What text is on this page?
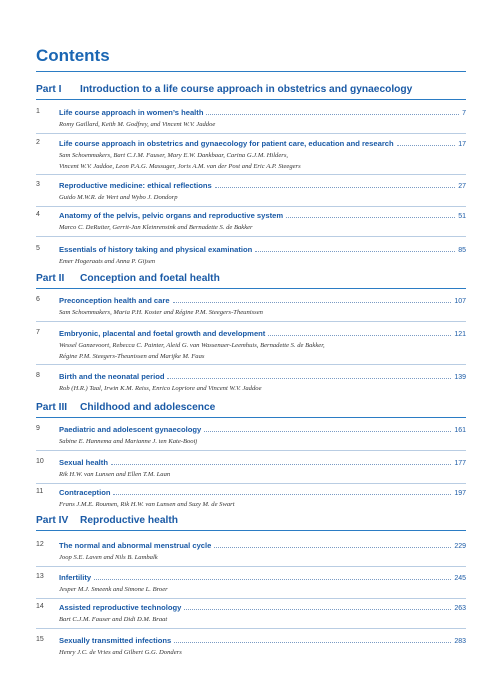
Contents
Part I Introduction to a life course approach in obstetrics and gynaecology
1	Life course approach in women’s health	7
Romy Gaillard, Keith M. Godfrey, and Vincent W.V. Jaddoe
2	Life course approach in obstetrics and gynaecology for patient care, education and research	17
Sam Schoenmakers, Bart C.J.M. Fauser, Mary E.W. Dankbaar, Carina G.J.M. Hilders,
Vincent W.V. Jaddoe, Leon P.A.G. Massuger, Joris A.M. van der Post and Eric A.P. Steegers
3	Reproductive medicine: ethical reflections	27
Guido M.W.R. de Wert and Wybo J. Dondorp
4	Anatomy of the pelvis, pelvic organs and reproductive system	51
Marco C. DeRuiter, Gerrit-Jan Kleinrensink and Bernadette S. de Bakker
5	Essentials of history taking and physical examination	85
Emer Hogeraats and Anna P. Gijsen
Part II Conception and foetal health
6	Preconception health and care	107
Sam Schoenmakers, Maria P.H. Koster and Régine P.M. Steegers-Theunissen
7	Embryonic, placental and foetal growth and development	121
Wessel Ganzevoort, Rebecca C. Painter, Aleid G. van Wassenaer-Leemhuis, Bernadette S. de Bakker,
Régine P.M. Steegers-Theunissen and Marijke M. Faas
8	Birth and the neonatal period	139
Rob (H.R.) Taal, Irwin K.M. Reiss, Enrico Lopriore and Vincent W.V. Jaddoe
Part III Childhood and adolescence
9	Paediatric and adolescent gynaecology	161
Sabine E. Hannema and Marianne J. ten Kate-Booij
10 Sexual health	177
Rik H.W. van Lunsen and Ellen T.M. Laan
11 Contraception	197
Frans J.M.E. Roumen, Rik H.W. van Lunsen and Suzy M. de Swart
Part IV Reproductive health
12 The normal and abnormal menstrual cycle	229
Joop S.E. Laven and Nils B. Lambalk
13 Infertility	245
Jesper M.J. Smeenk and Simone L. Broer
14 Assisted reproductive technology	263
Bart C.J.M. Fauser and Didi D.M. Braat
15 Sexually transmitted infections	283
Henry J.C. de Vries and Gilbert G.G. Donders
